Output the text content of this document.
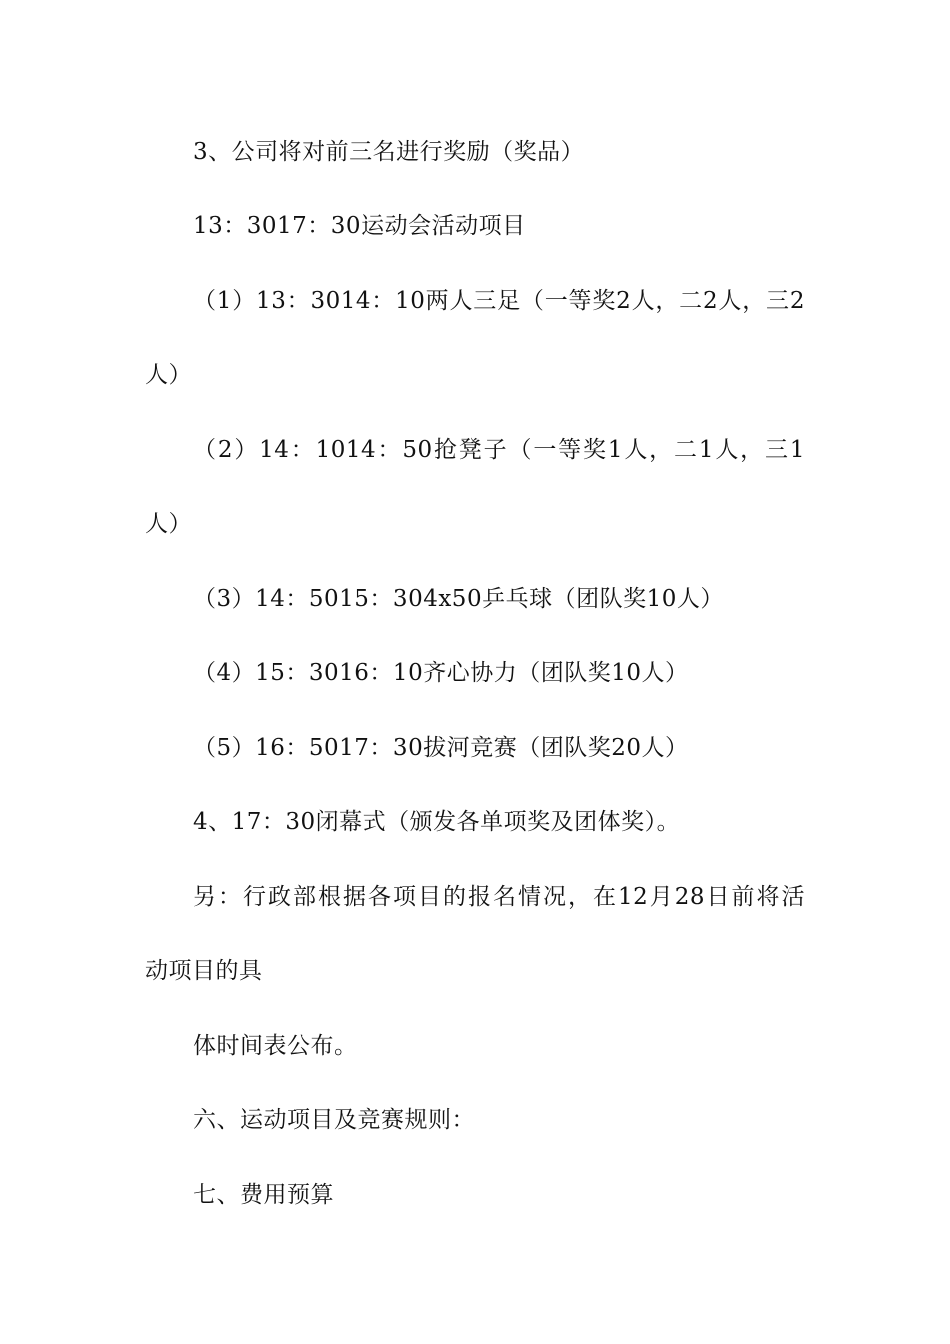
3、公司将对前三名进行奖励（奖品）
13：3017：30运动会活动项目
（1）13：3014：10两人三足（一等奖2人，二2人，三2
人）
（2）14：1014：50抢凳子（一等奖1人，二1人，三1
人）
（3）14：5015：304x50乒乓球（团队奖10人）
（4）15：3016：10齐心协力（团队奖10人）
（5）16：5017：30拔河竞赛（团队奖20人）
4、17：30闭幕式（颁发各单项奖及团体奖）。
另：行政部根据各项目的报名情况，在12月28日前将活
动项目的具
体时间表公布。
六、运动项目及竞赛规则：
七、费用预算
